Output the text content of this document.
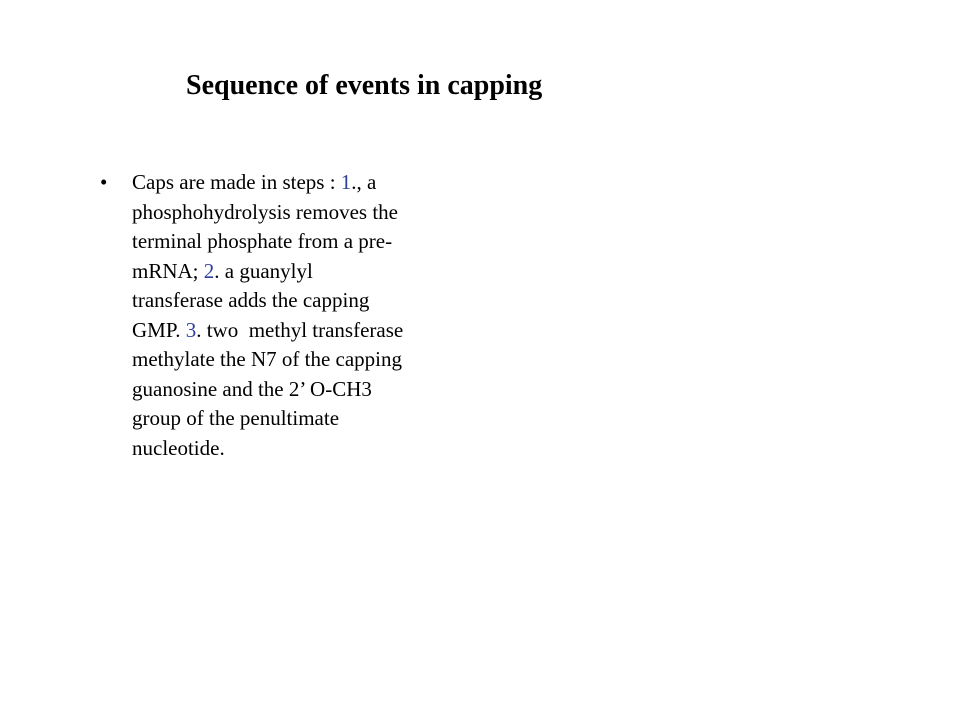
Sequence of events in capping
•	Caps are made in steps : 1., a
phosphohydrolysis removes the
terminal phosphate from a pre-
mRNA; 2. a guanylyl
transferase adds the capping
GMP. 3. two  methyl transferase
methylate the N7 of the capping
guanosine and the 2’ O-CH3
group of the penultimate
nucleotide.
